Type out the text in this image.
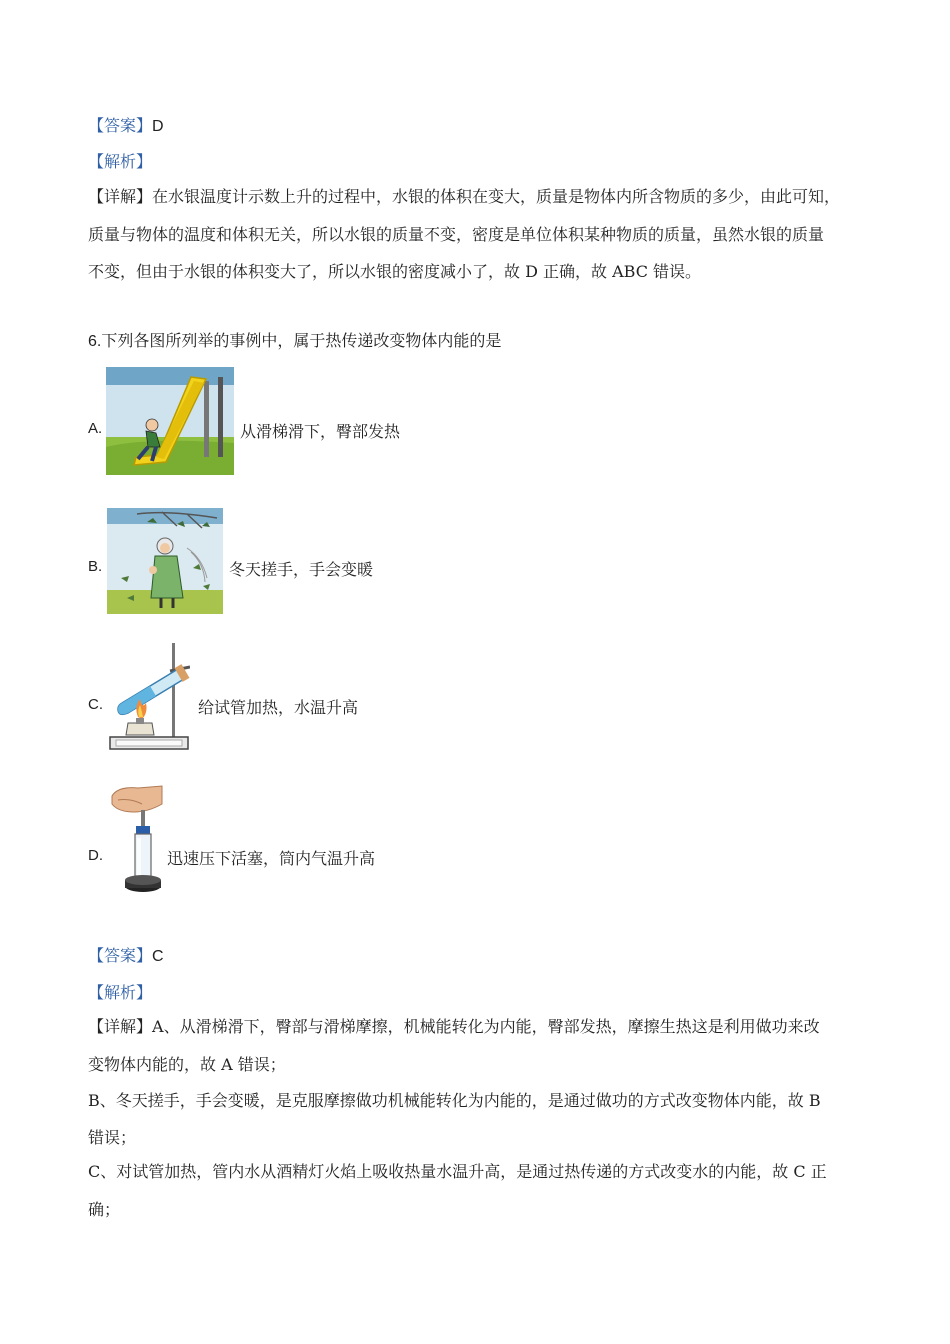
【答案】D
【解析】
【详解】在水银温度计示数上升的过程中，水银的体积在变大，质量是物体内所含物质的多少，由此可知，
质量与物体的温度和体积无关，所以水银的质量不变，密度是单位体积某种物质的质量，虽然水银的质量
不变，但由于水银的体积变大了，所以水银的密度减小了，故 D 正确，故 ABC 错误。
6.下列各图所列举的事例中，属于热传递改变物体内能的是
A.	从滑梯滑下，臀部发热
B.	冬天搓手，手会变暖
C.	给试管加热，水温升高
D.	迅速压下活塞，筒内气温升高
【答案】C
【解析】
【详解】A、从滑梯滑下，臀部与滑梯摩擦，机械能转化为内能，臀部发热，摩擦生热这是利用做功来改
变物体内能的，故 A 错误；
B、冬天搓手，手会变暖，是克服摩擦做功机械能转化为内能的，是通过做功的方式改变物体内能，故 B
错误；
C、对试管加热，管内水从酒精灯火焰上吸收热量水温升高，是通过热传递的方式改变水的内能，故 C 正
确；
